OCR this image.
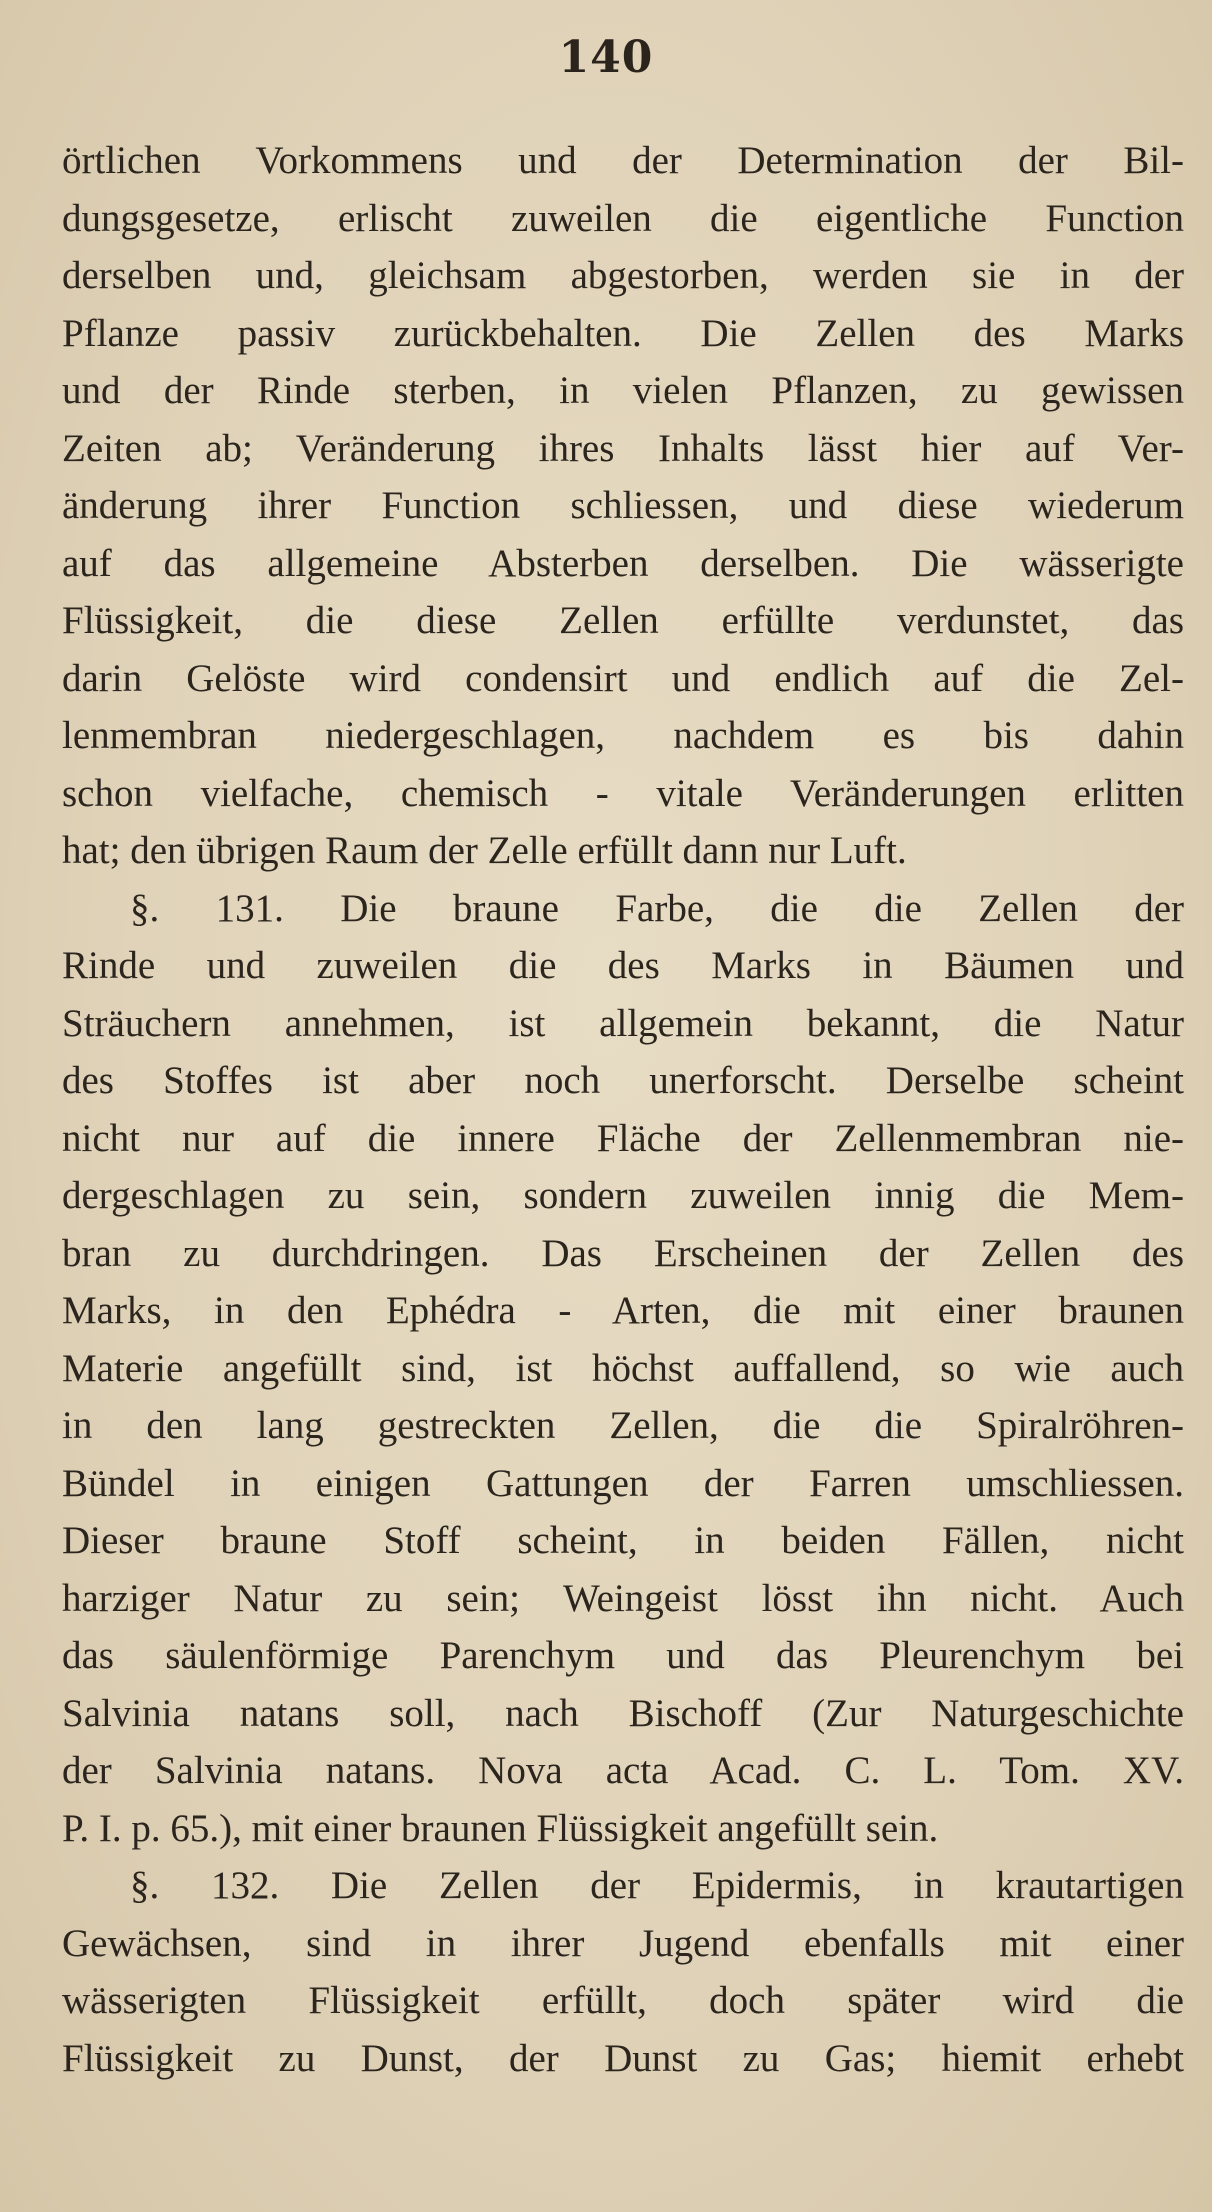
140
örtlichen Vorkommens und der Determination der Bil-
dungsgesetze, erlischt zuweilen die eigentliche Function
derselben und, gleichsam abgestorben, werden sie in der
Pflanze passiv zurückbehalten. Die Zellen des Marks
und der Rinde sterben, in vielen Pflanzen, zu gewissen
Zeiten ab; Veränderung ihres Inhalts lässt hier auf Ver-
änderung ihrer Function schliessen, und diese wiederum
auf das allgemeine Absterben derselben. Die wässerigte
Flüssigkeit, die diese Zellen erfüllte verdunstet, das
darin Gelöste wird condensirt und endlich auf die Zel-
lenmembran niedergeschlagen, nachdem es bis dahin
schon vielfache, chemisch - vitale Veränderungen erlitten
hat; den übrigen Raum der Zelle erfüllt dann nur Luft.
§. 131. Die braune Farbe, die die Zellen der
Rinde und zuweilen die des Marks in Bäumen und
Sträuchern annehmen, ist allgemein bekannt, die Natur
des Stoffes ist aber noch unerforscht. Derselbe scheint
nicht nur auf die innere Fläche der Zellenmembran nie-
dergeschlagen zu sein, sondern zuweilen innig die Mem-
bran zu durchdringen. Das Erscheinen der Zellen des
Marks, in den Ephédra - Arten, die mit einer braunen
Materie angefüllt sind, ist höchst auffallend, so wie auch
in den lang gestreckten Zellen, die die Spiralröhren-
Bündel in einigen Gattungen der Farren umschliessen.
Dieser braune Stoff scheint, in beiden Fällen, nicht
harziger Natur zu sein; Weingeist lösst ihn nicht. Auch
das säulenförmige Parenchym und das Pleurenchym bei
Salvinia natans soll, nach Bischoff (Zur Naturgeschichte
der Salvinia natans. Nova acta Acad. C. L. Tom. XV.
P. I. p. 65.), mit einer braunen Flüssigkeit angefüllt sein.
§. 132. Die Zellen der Epidermis, in krautartigen
Gewächsen, sind in ihrer Jugend ebenfalls mit einer
wässerigten Flüssigkeit erfüllt, doch später wird die
Flüssigkeit zu Dunst, der Dunst zu Gas; hiemit erhebt
